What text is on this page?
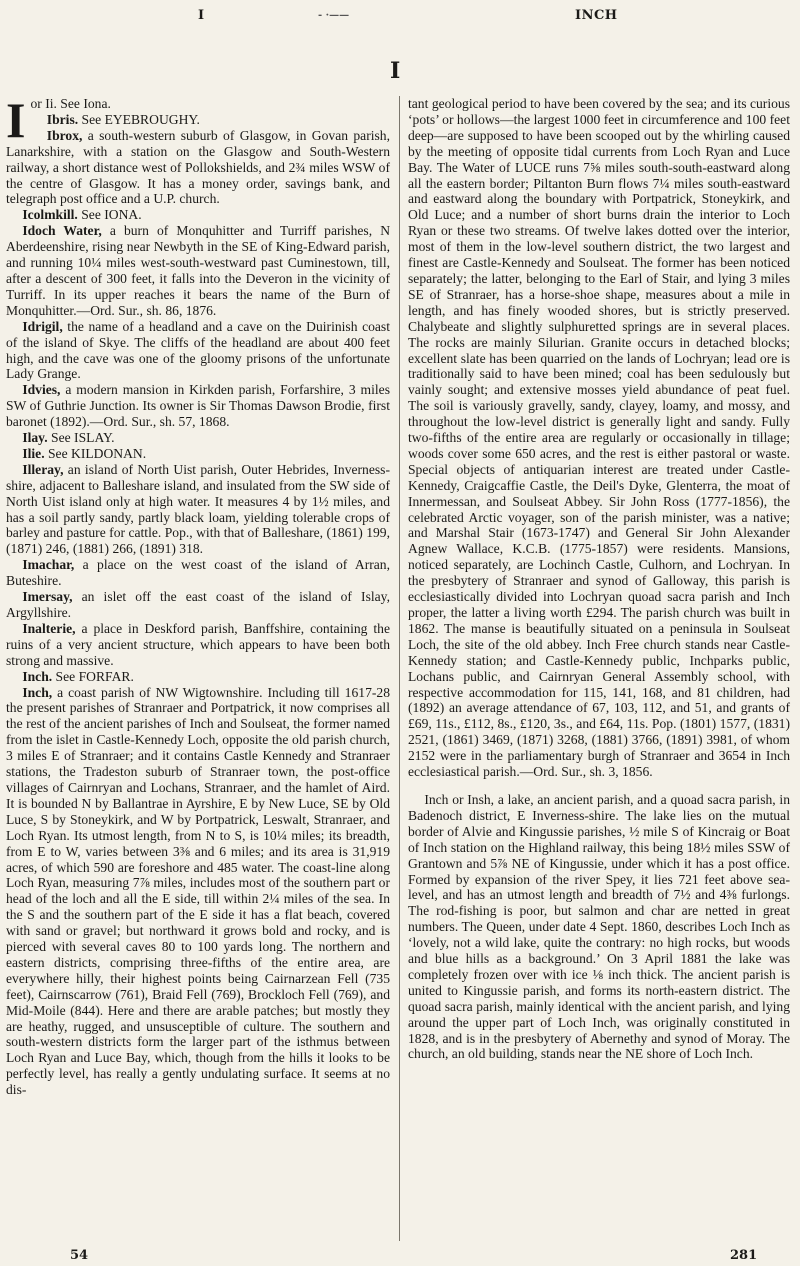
I	- ·——	INCH
I

Ior Ii. See Iona.

Ibris. See EYEBROUGHY.

Ibrox, a south-western suburb of Glasgow, in Govan parish, Lanarkshire, with a station on the Glasgow and South-Western railway, a short distance west of Pollokshields, and 2¾ miles WSW of the centre of Glasgow. It has a money order, savings bank, and telegraph post office and a U.P. church.

Icolmkill. See IONA.

Idoch Water, a burn of Monquhitter and Turriff parishes, N Aberdeenshire, rising near Newbyth in the SE of King-Edward parish, and running 10¼ miles west-south-westward past Cuminestown, till, after a descent of 300 feet, it falls into the Deveron in the vicinity of Turriff. In its upper reaches it bears the name of the Burn of Monquhitter.—Ord. Sur., sh. 86, 1876.

Idrigil, the name of a headland and a cave on the Duirinish coast of the island of Skye. The cliffs of the headland are about 400 feet high, and the cave was one of the gloomy prisons of the unfortunate Lady Grange.

Idvies, a modern mansion in Kirkden parish, Forfarshire, 3 miles SW of Guthrie Junction. Its owner is Sir Thomas Dawson Brodie, first baronet (1892).—Ord. Sur., sh. 57, 1868.

Ilay. See ISLAY.

Ilie. See KILDONAN.

Illeray, an island of North Uist parish, Outer Hebrides, Inverness-shire, adjacent to Balleshare island, and insulated from the SW side of North Uist island only at high water. It measures 4 by 1½ miles, and has a soil partly sandy, partly black loam, yielding tolerable crops of barley and pasture for cattle. Pop., with that of Balleshare, (1861) 199, (1871) 246, (1881) 266, (1891) 318.

Imachar, a place on the west coast of the island of Arran, Buteshire.

Imersay, an islet off the east coast of the island of Islay, Argyllshire.

Inalterie, a place in Deskford parish, Banffshire, containing the ruins of a very ancient structure, which appears to have been both strong and massive.

Inch. See FORFAR.

Inch, a coast parish of NW Wigtownshire. Including till 1617-28 the present parishes of Stranraer and Portpatrick, it now comprises all the rest of the ancient parishes of Inch and Soulseat, the former named from the islet in Castle-Kennedy Loch, opposite the old parish church, 3 miles E of Stranraer; and it contains Castle Kennedy and Stranraer stations, the Tradeston suburb of Stranraer town, the post-office villages of Cairnryan and Lochans, Stranraer, and the hamlet of Aird. It is bounded N by Ballantrae in Ayrshire, E by New Luce, SE by Old Luce, S by Stoneykirk, and W by Portpatrick, Leswalt, Stranraer, and Loch Ryan. Its utmost length, from N to S, is 10¼ miles; its breadth, from E to W, varies between 3⅜ and 6 miles; and its area is 31,919 acres, of which 590 are foreshore and 485 water. The coast-line along Loch Ryan, measuring 7⅞ miles, includes most of the southern part or head of the loch and all the E side, till within 2¼ miles of the sea. In the S and the southern part of the E side it has a flat beach, covered with sand or gravel; but northward it grows bold and rocky, and is pierced with several caves 80 to 100 yards long. The northern and eastern districts, comprising three-fifths of the entire area, are everywhere hilly, their highest points being Cairnarzean Fell (735 feet), Cairnscarrow (761), Braid Fell (769), Brockloch Fell (769), and Mid-Moile (844). Here and there are arable patches; but mostly they are heathy, rugged, and unsusceptible of culture. The southern and south-western districts form the larger part of the isthmus between Loch Ryan and Luce Bay, which, though from the hills it looks to be perfectly level, has really a gently undulating surface. It seems at no dis-

tant geological period to have been covered by the sea; and its curious ‘pots’ or hollows—the largest 1000 feet in circumference and 100 feet deep—are supposed to have been scooped out by the whirling caused by the meeting of opposite tidal currents from Loch Ryan and Luce Bay. The Water of LUCE runs 7⅝ miles south-south-eastward along all the eastern border; Piltanton Burn flows 7¼ miles south-eastward and eastward along the boundary with Portpatrick, Stoneykirk, and Old Luce; and a number of short burns drain the interior to Loch Ryan or these two streams. Of twelve lakes dotted over the interior, most of them in the low-level southern district, the two largest and finest are Castle-Kennedy and Soulseat. The former has been noticed separately; the latter, belonging to the Earl of Stair, and lying 3 miles SE of Stranraer, has a horse-shoe shape, measures about a mile in length, and has finely wooded shores, but is strictly preserved. Chalybeate and slightly sulphuretted springs are in several places. The rocks are mainly Silurian. Granite occurs in detached blocks; excellent slate has been quarried on the lands of Lochryan; lead ore is traditionally said to have been mined; coal has been sedulously but vainly sought; and extensive mosses yield abundance of peat fuel. The soil is variously gravelly, sandy, clayey, loamy, and mossy, and throughout the low-level district is generally light and sandy. Fully two-fifths of the entire area are regularly or occasionally in tillage; woods cover some 650 acres, and the rest is either pastoral or waste. Special objects of antiquarian interest are treated under Castle-Kennedy, Craigcaffie Castle, the Deil's Dyke, Glenterra, the moat of Innermessan, and Soulseat Abbey. Sir John Ross (1777-1856), the celebrated Arctic voyager, son of the parish minister, was a native; and Marshal Stair (1673-1747) and General Sir John Alexander Agnew Wallace, K.C.B. (1775-1857) were residents. Mansions, noticed separately, are Lochinch Castle, Culhorn, and Lochryan. In the presbytery of Stranraer and synod of Galloway, this parish is ecclesiastically divided into Lochryan quoad sacra parish and Inch proper, the latter a living worth £294. The parish church was built in 1862. The manse is beautifully situated on a peninsula in Soulseat Loch, the site of the old abbey. Inch Free church stands near Castle-Kennedy station; and Castle-Kennedy public, Inchparks public, Lochans public, and Cairnryan General Assembly school, with respective accommodation for 115, 141, 168, and 81 children, had (1892) an average attendance of 67, 103, 112, and 51, and grants of £69, 11s., £112, 8s., £120, 3s., and £64, 11s. Pop. (1801) 1577, (1831) 2521, (1861) 3469, (1871) 3268, (1881) 3766, (1891) 3981, of whom 2152 were in the parliamentary burgh of Stranraer and 3654 in Inch ecclesiastical parish.—Ord. Sur., sh. 3, 1856.

Inch or Insh, a lake, an ancient parish, and a quoad sacra parish, in Badenoch district, E Inverness-shire. The lake lies on the mutual border of Alvie and Kingussie parishes, ½ mile S of Kincraig or Boat of Inch station on the Highland railway, this being 18½ miles SSW of Grantown and 5⅞ NE of Kingussie, under which it has a post office. Formed by expansion of the river Spey, it lies 721 feet above sea-level, and has an utmost length and breadth of 7½ and 4⅜ furlongs. The rod-fishing is poor, but salmon and char are netted in great numbers. The Queen, under date 4 Sept. 1860, describes Loch Inch as ‘lovely, not a wild lake, quite the contrary: no high rocks, but woods and blue hills as a background.’ On 3 April 1881 the lake was completely frozen over with ice ⅛ inch thick. The ancient parish is united to Kingussie parish, and forms its north-eastern district. The quoad sacra parish, mainly identical with the ancient parish, and lying around the upper part of Loch Inch, was originally constituted in 1828, and is in the presbytery of Abernethy and synod of Moray. The church, an old building, stands near the NE shore of Loch Inch.

54	281
